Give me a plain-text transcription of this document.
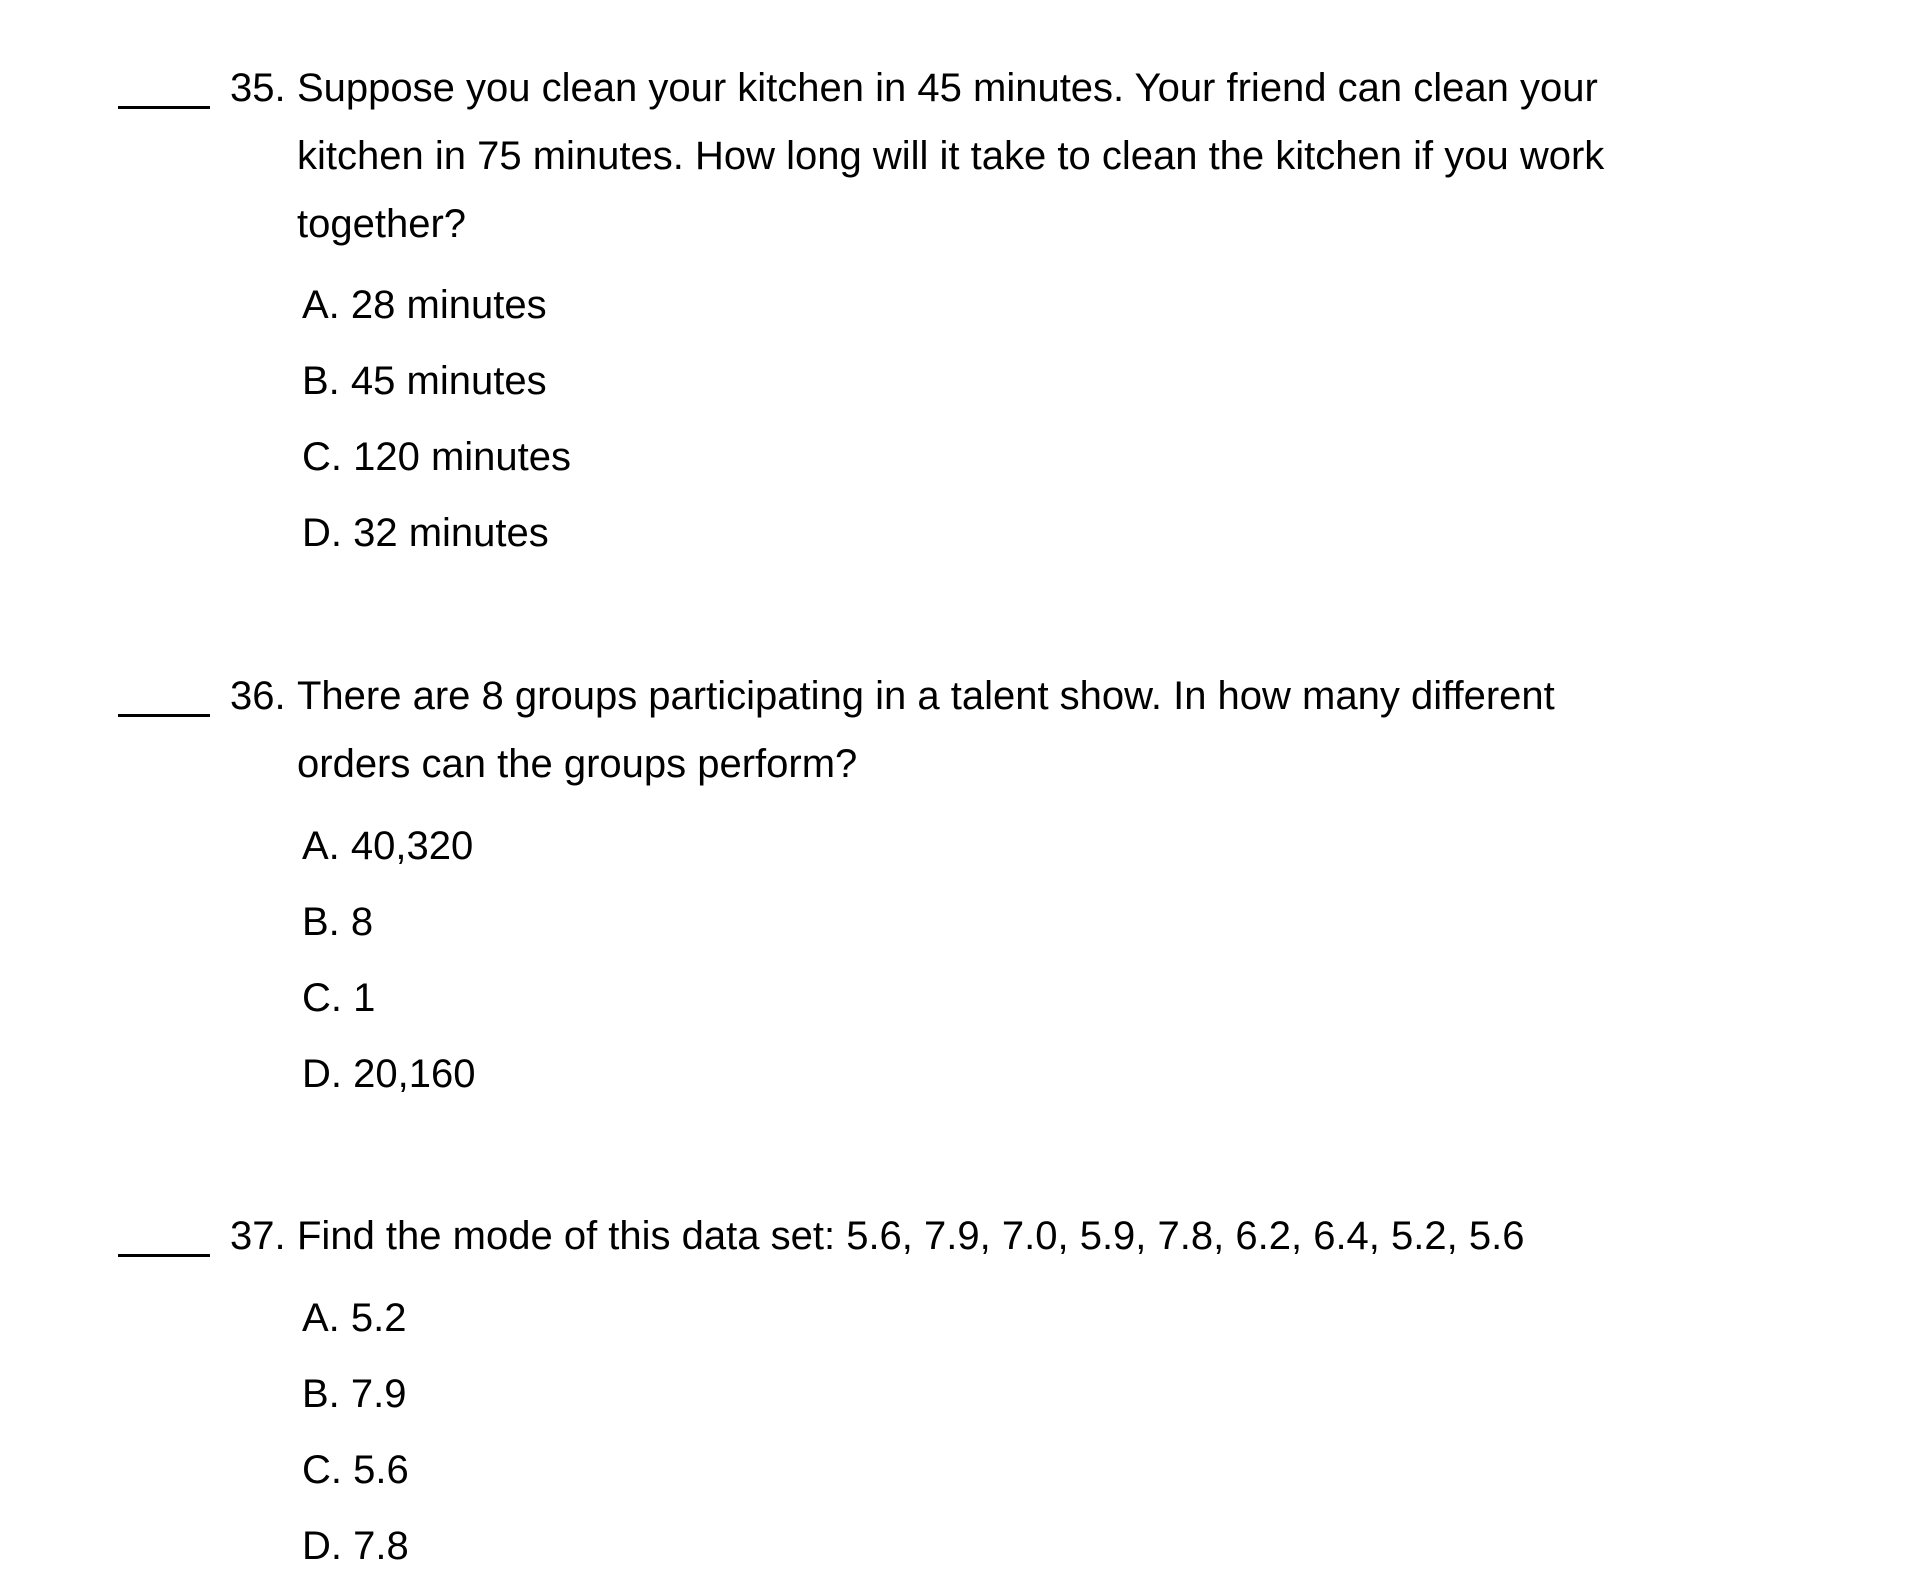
35. Suppose you clean your kitchen in 45 minutes. Your friend can clean your
kitchen in 75 minutes. How long will it take to clean the kitchen if you work
together?
A. 28 minutes
B. 45 minutes
C. 120 minutes
D. 32 minutes
36. There are 8 groups participating in a talent show. In how many different
orders can the groups perform?
A. 40,320
B. 8
C. 1
D. 20,160
37. Find the mode of this data set: 5.6, 7.9, 7.0, 5.9, 7.8, 6.2, 6.4, 5.2, 5.6
A. 5.2
B. 7.9
C. 5.6
D. 7.8
